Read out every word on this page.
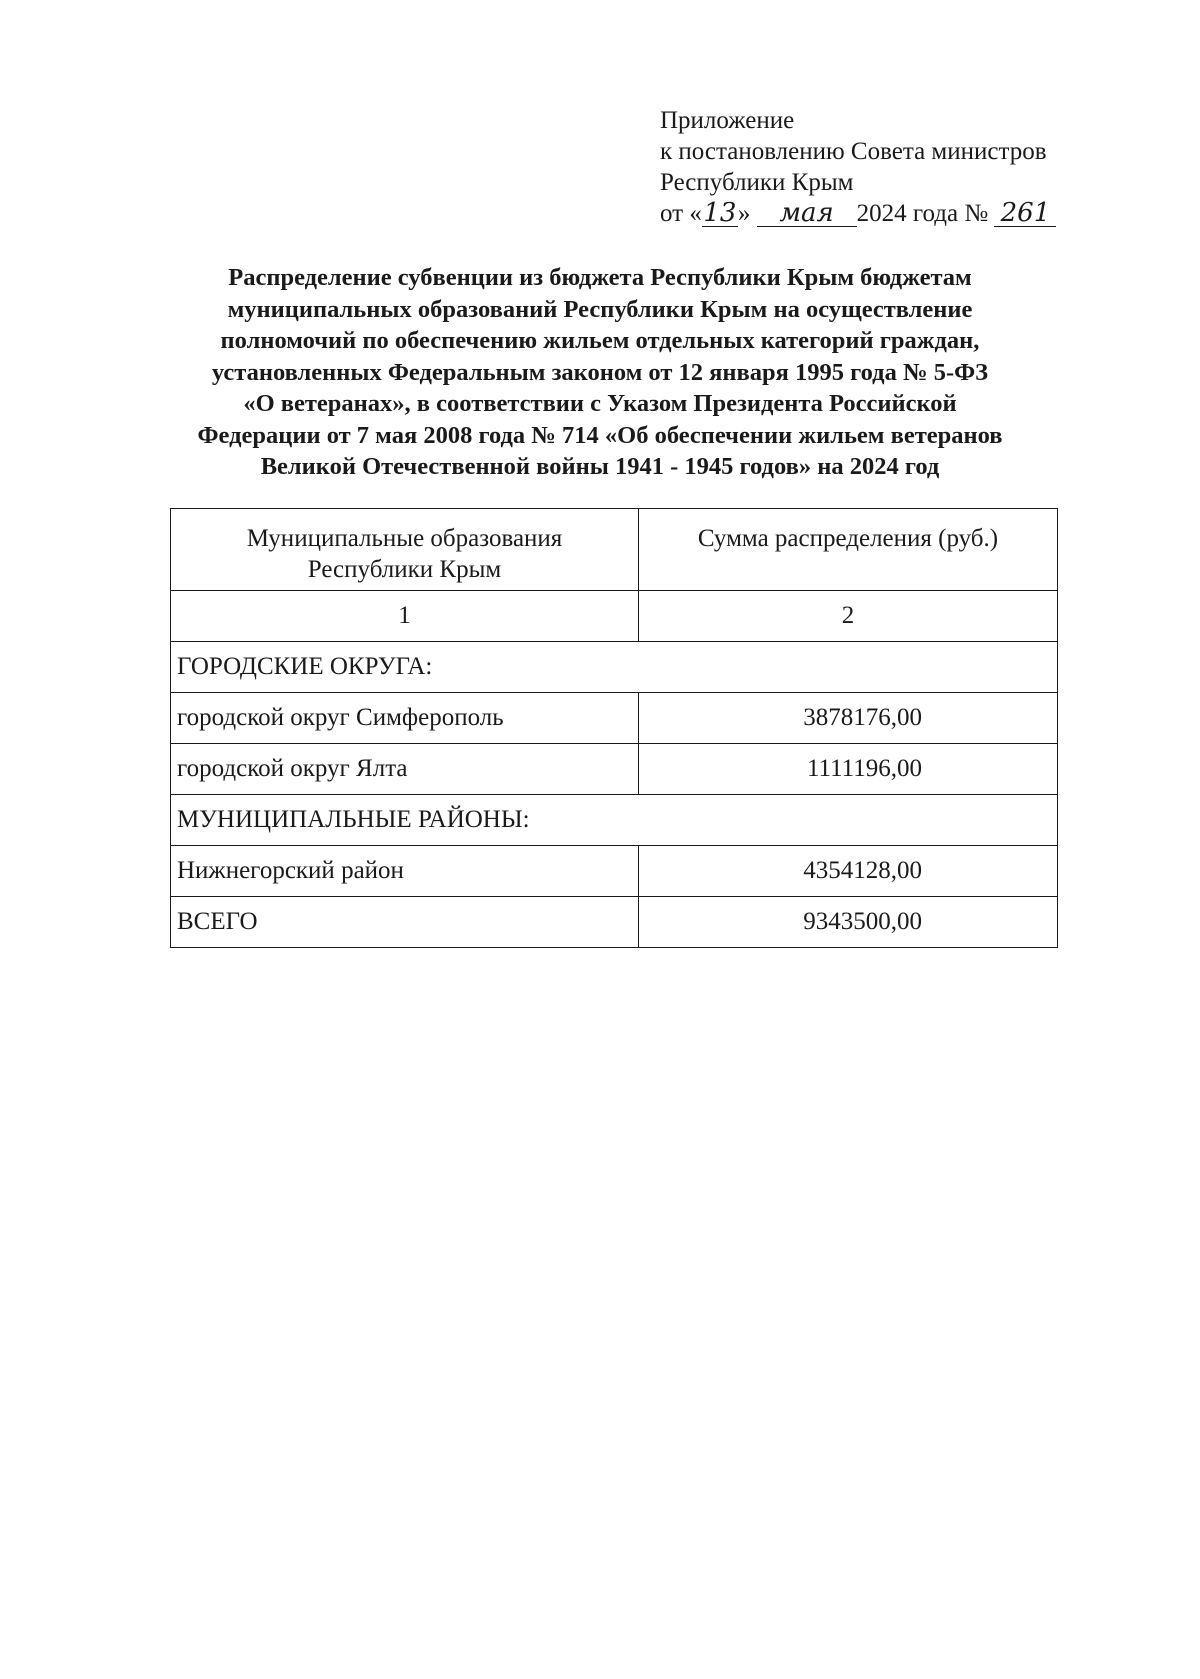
Приложение
к постановлению Совета министров
Республики Крым
от «13» мая 2024 года № 261
Распределение субвенции из бюджета Республики Крым бюджетам
муниципальных образований Республики Крым на осуществление
полномочий по обеспечению жильем отдельных категорий граждан,
установленных Федеральным законом от 12 января 1995 года № 5-ФЗ
«О ветеранах», в соответствии с Указом Президента Российской
Федерации от 7 мая 2008 года № 714 «Об обеспечении жильем ветеранов
Великой Отечественной войны 1941 - 1945 годов» на 2024 год
Муниципальные образования
Республики Крым	Сумма распределения (руб.)
1	2
ГОРОДСКИЕ ОКРУГА:	
городской округ Симферополь	3878176,00
городской округ Ялта	1111196,00
МУНИЦИПАЛЬНЫЕ РАЙОНЫ:	
Нижнегорский район	4354128,00
ВСЕГО	9343500,00
